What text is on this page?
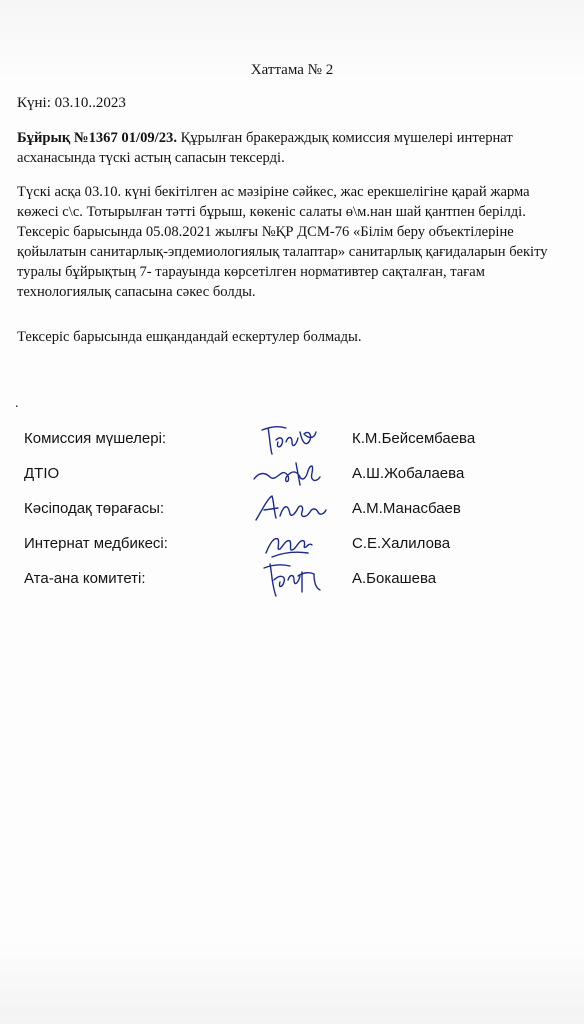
Хаттама № 2
Күні: 03.10..2023
Бұйрық №1367 01/09/23. Құрылған бракераждық комиссия мүшелері интернат асханасында түскі астың сапасын тексерді.
Түскі асқа 03.10. күні бекітілген ас мәзіріне сәйкес, жас ерекшелігіне қарай жарма көжесі с\с. Тотырылған тәтті бұрыш, көкеніс салаты ө\м.нан шай қантпен берілді. Тексеріс барысында 05.08.2021 жылғы №ҚР ДСМ-76 «Білім беру объектілеріне қойылатын санитарлық-эпдемиологиялық талаптар» санитарлық қағидаларын бекіту туралы бұйрықтың 7- тарауында көрсетілген нормативтер сақталған, тағам технологиялық сапасына сәкес болды.
Тексеріс барысында ешқандандай ескертулер болмады.
.
Комиссия мүшелері:	К.М.Бейсембаева
ДТІО	А.Ш.Жобалаева
Кәсіподақ төрағасы:	А.М.Манасбаев
Интернат медбикесі:	С.Е.Халилова
Ата-ана комитеті:	А.Бокашева
